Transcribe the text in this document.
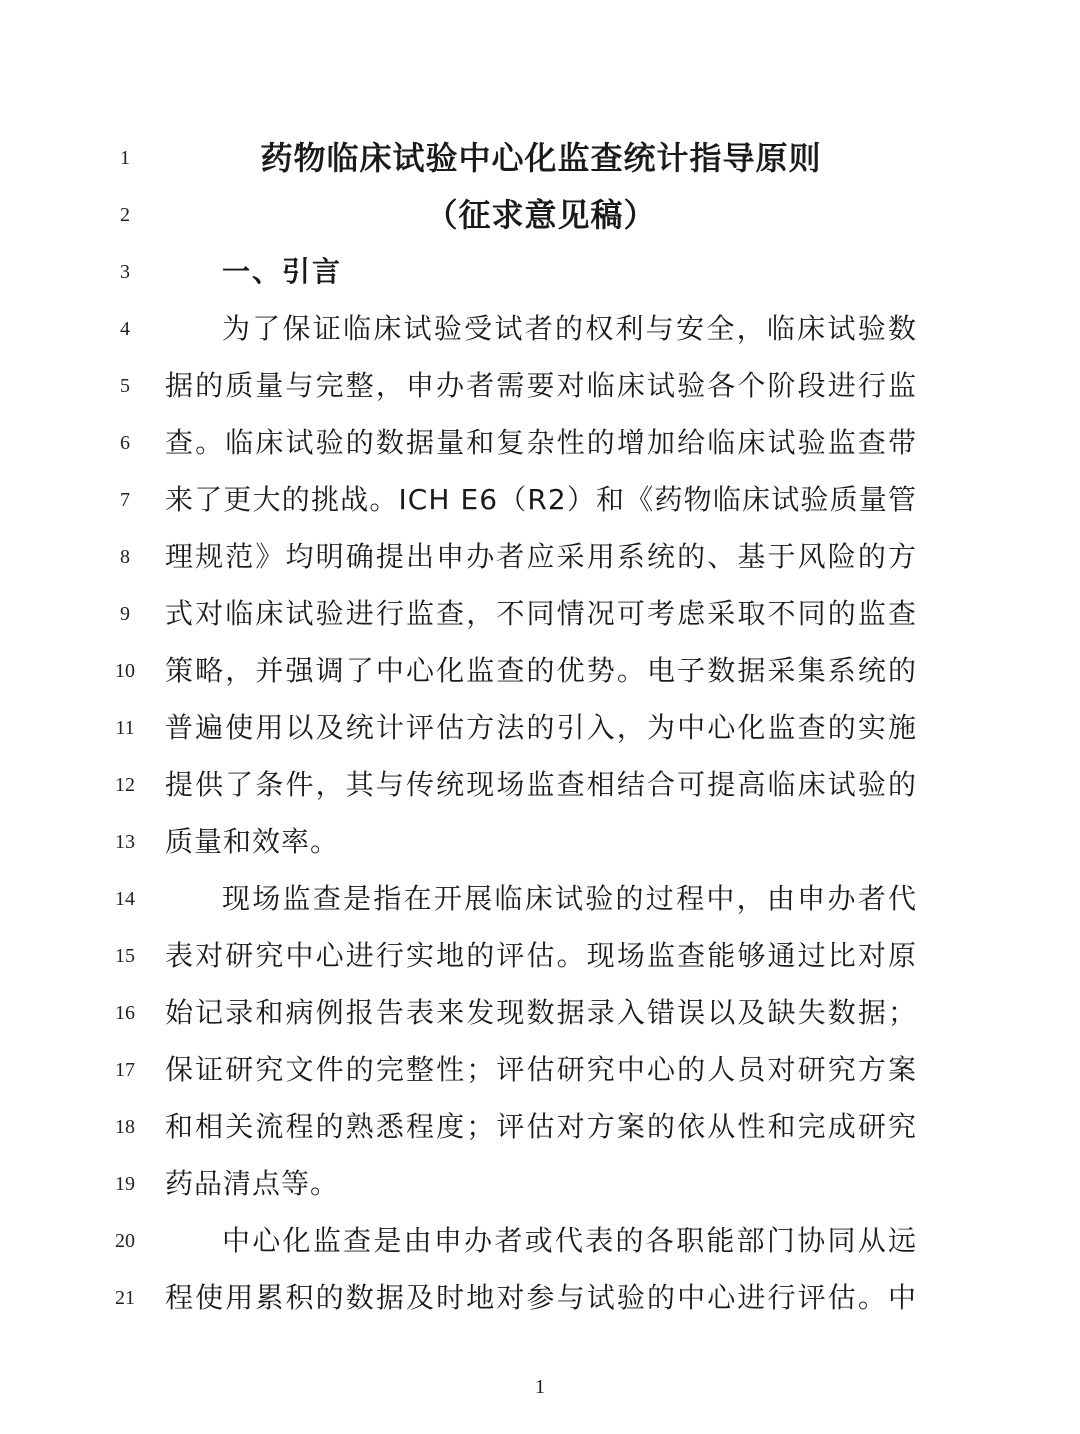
1	药物临床试验中心化监查统计指导原则
2	（征求意见稿）
3	一、引言
4	为了保证临床试验受试者的权利与安全，临床试验数
5	据的质量与完整，申办者需要对临床试验各个阶段进行监
6	查。临床试验的数据量和复杂性的增加给临床试验监查带
7	来了更大的挑战。ICH E6（R2）和《药物临床试验质量管
8	理规范》均明确提出申办者应采用系统的、基于风险的方
9	式对临床试验进行监查，不同情况可考虑采取不同的监查
10	策略，并强调了中心化监查的优势。电子数据采集系统的
11	普遍使用以及统计评估方法的引入，为中心化监查的实施
12	提供了条件，其与传统现场监查相结合可提高临床试验的
13	质量和效率。
14	现场监查是指在开展临床试验的过程中，由申办者代
15	表对研究中心进行实地的评估。现场监查能够通过比对原
16	始记录和病例报告表来发现数据录入错误以及缺失数据；
17	保证研究文件的完整性；评估研究中心的人员对研究方案
18	和相关流程的熟悉程度；评估对方案的依从性和完成研究
19	药品清点等。
20	中心化监查是由申办者或代表的各职能部门协同从远
21	程使用累积的数据及时地对参与试验的中心进行评估。中
1
